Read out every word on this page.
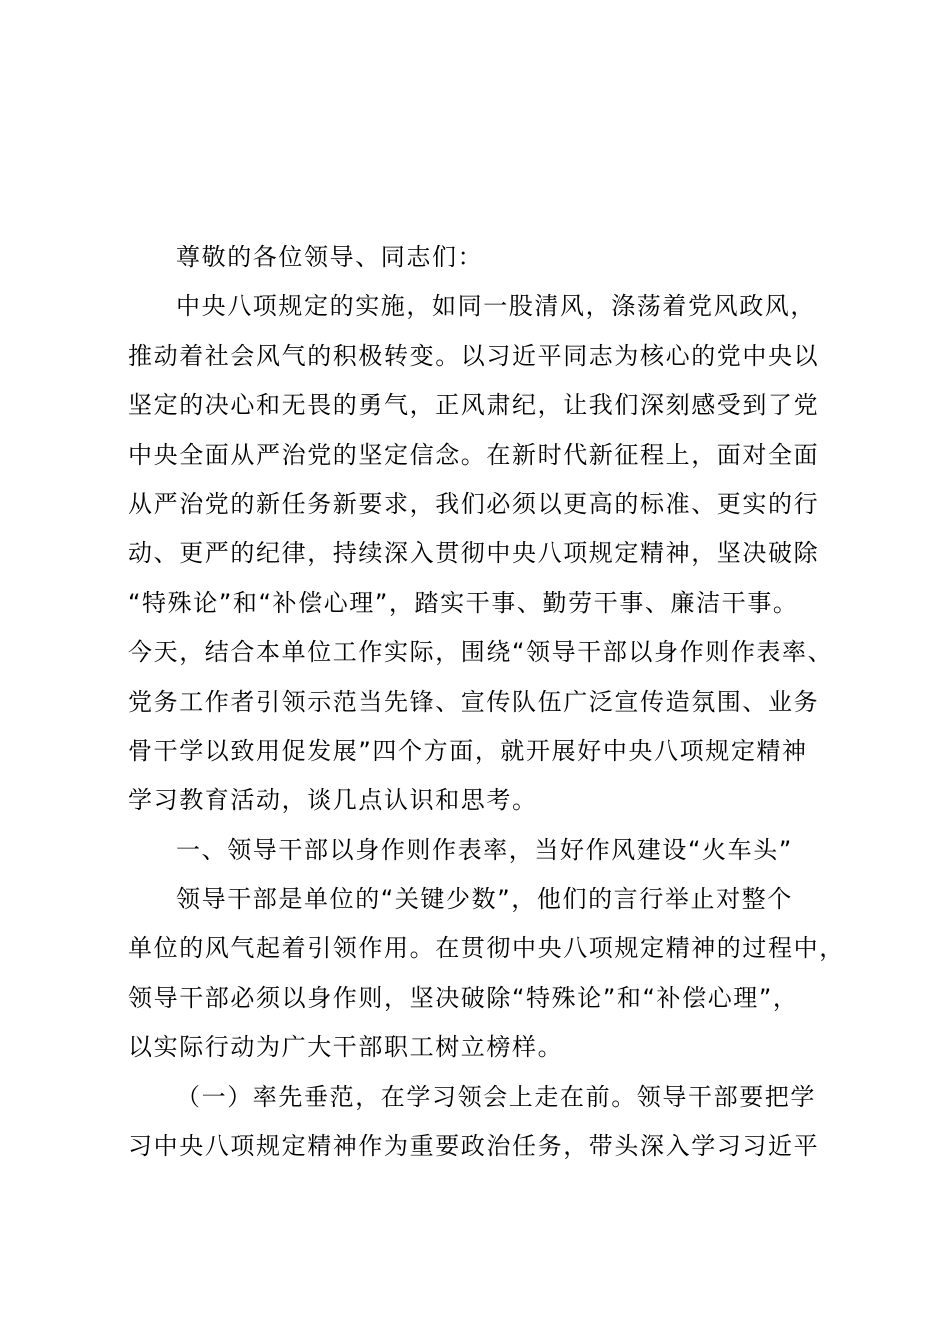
尊敬的各位领导、同志们：
中央八项规定的实施，如同一股清风，涤荡着党风政风，
推动着社会风气的积极转变。以习近平同志为核心的党中央以
坚定的决心和无畏的勇气，正风肃纪，让我们深刻感受到了党
中央全面从严治党的坚定信念。在新时代新征程上，面对全面
从严治党的新任务新要求，我们必须以更高的标准、更实的行
动、更严的纪律，持续深入贯彻中央八项规定精神，坚决破除
“特殊论”和“补偿心理”，踏实干事、勤劳干事、廉洁干事。
今天，结合本单位工作实际，围绕“领导干部以身作则作表率、
党务工作者引领示范当先锋、宣传队伍广泛宣传造氛围、业务
骨干学以致用促发展”四个方面，就开展好中央八项规定精神
学习教育活动，谈几点认识和思考。
一、领导干部以身作则作表率，当好作风建设“火车头”
领导干部是单位的“关键少数”，他们的言行举止对整个
单位的风气起着引领作用。在贯彻中央八项规定精神的过程中，
领导干部必须以身作则，坚决破除“特殊论”和“补偿心理”，
以实际行动为广大干部职工树立榜样。
（一）率先垂范，在学习领会上走在前。领导干部要把学
习中央八项规定精神作为重要政治任务，带头深入学习习近平
